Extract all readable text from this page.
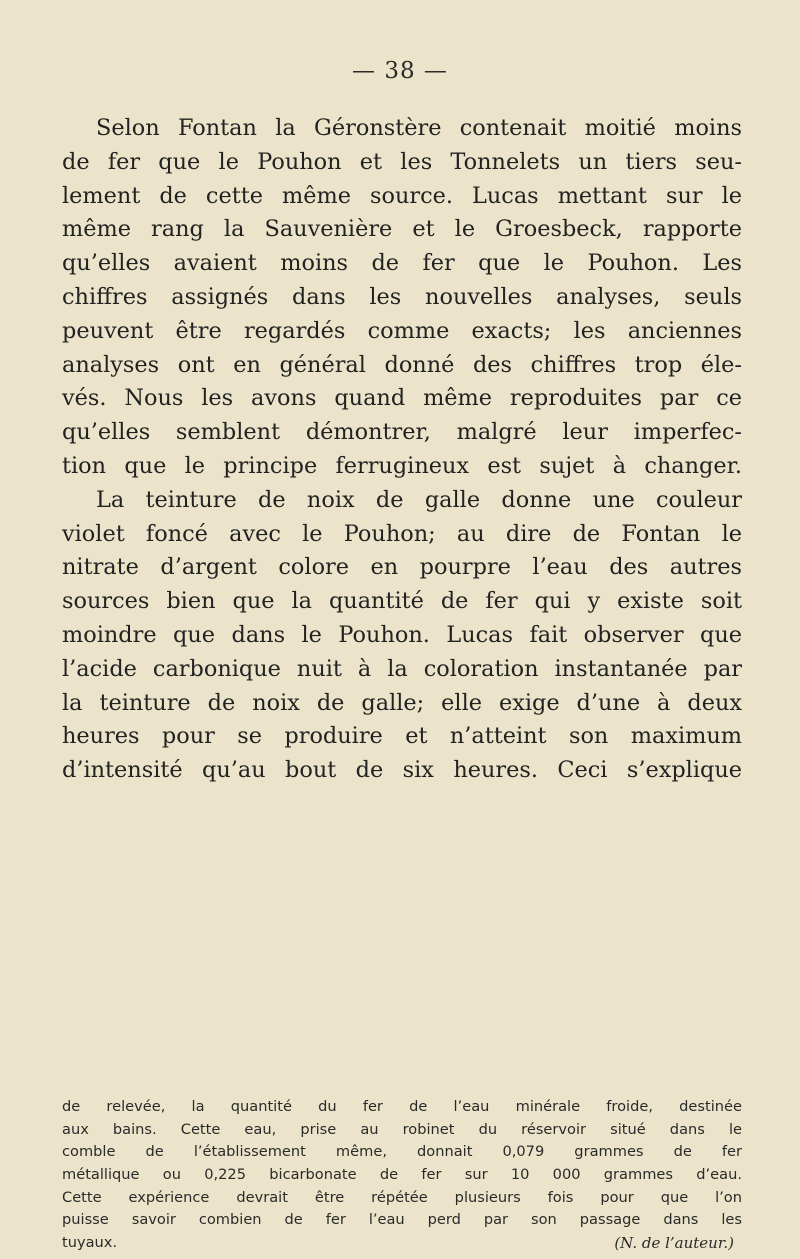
— 38 —
Selon Fontan la Géronstère contenait moitié moins
de fer que le Pouhon et les Tonnelets un tiers seu-
lement de cette même source. Lucas mettant sur le
même rang la Sauvenière et le Groesbeck, rapporte
qu’elles avaient moins de fer que le Pouhon. Les
chiffres assignés dans les nouvelles analyses, seuls
peuvent être regardés comme exacts; les anciennes
analyses ont en général donné des chiffres trop éle-
vés. Nous les avons quand même reproduites par ce
qu’elles semblent démontrer, malgré leur imperfec-
tion que le principe ferrugineux est sujet à changer.
La teinture de noix de galle donne une couleur
violet foncé avec le Pouhon; au dire de Fontan le
nitrate d’argent colore en pourpre l’eau des autres
sources bien que la quantité de fer qui y existe soit
moindre que dans le Pouhon. Lucas fait observer que
l’acide carbonique nuit à la coloration instantanée par
la teinture de noix de galle; elle exige d’une à deux
heures pour se produire et n’atteint son maximum
d’intensité qu’au bout de six heures. Ceci s’explique
de relevée, la quantité du fer de l’eau minérale froide, destinée
aux bains. Cette eau, prise au robinet du réservoir situé dans le
comble de l’établissement même, donnait 0,079 grammes de fer
métallique ou 0,225 bicarbonate de fer sur 10 000 grammes d’eau.
Cette expérience devrait être répétée plusieurs fois pour que l’on
puisse savoir combien de fer l’eau perd par son passage dans les
tuyaux.	(N. de l’auteur.)
